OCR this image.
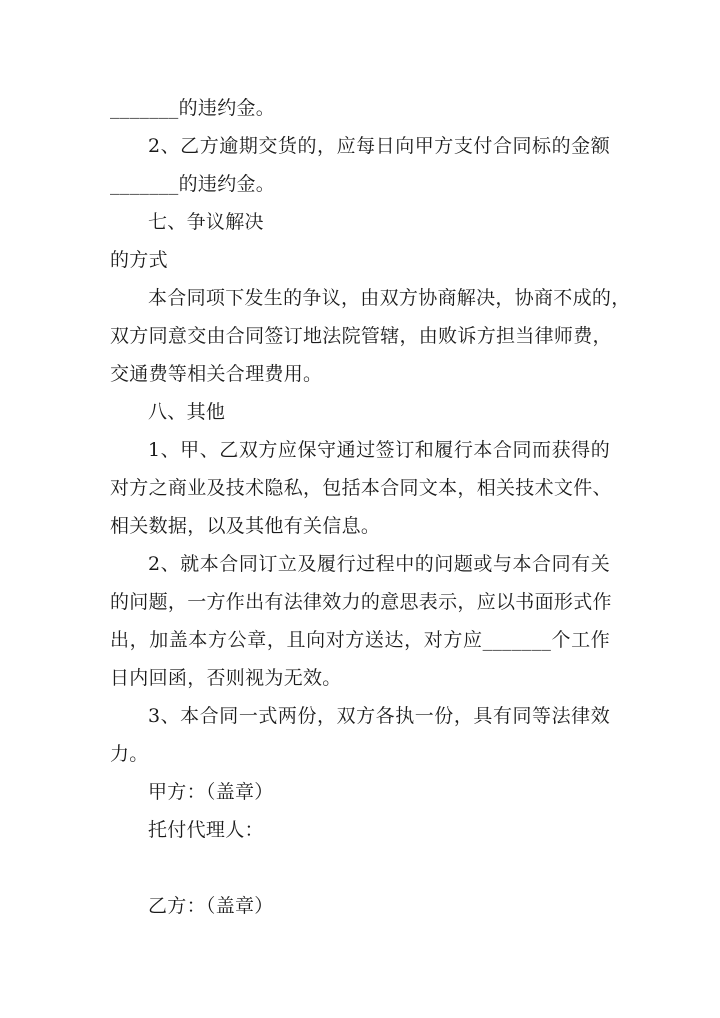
_______的违约金。
2、乙方逾期交货的，应每日向甲方支付合同标的金额
_______的违约金。
七、争议解决
的方式
本合同项下发生的争议，由双方协商解决，协商不成的，
双方同意交由合同签订地法院管辖，由败诉方担当律师费，
交通费等相关合理费用。
八、其他
1、甲、乙双方应保守通过签订和履行本合同而获得的
对方之商业及技术隐私，包括本合同文本，相关技术文件、
相关数据，以及其他有关信息。
2、就本合同订立及履行过程中的问题或与本合同有关
的问题，一方作出有法律效力的意思表示，应以书面形式作
出，加盖本方公章，且向对方送达，对方应_______个工作
日内回函，否则视为无效。
3、本合同一式两份，双方各执一份，具有同等法律效
力。
甲方：（盖章）
托付代理人：
乙方：（盖章）
